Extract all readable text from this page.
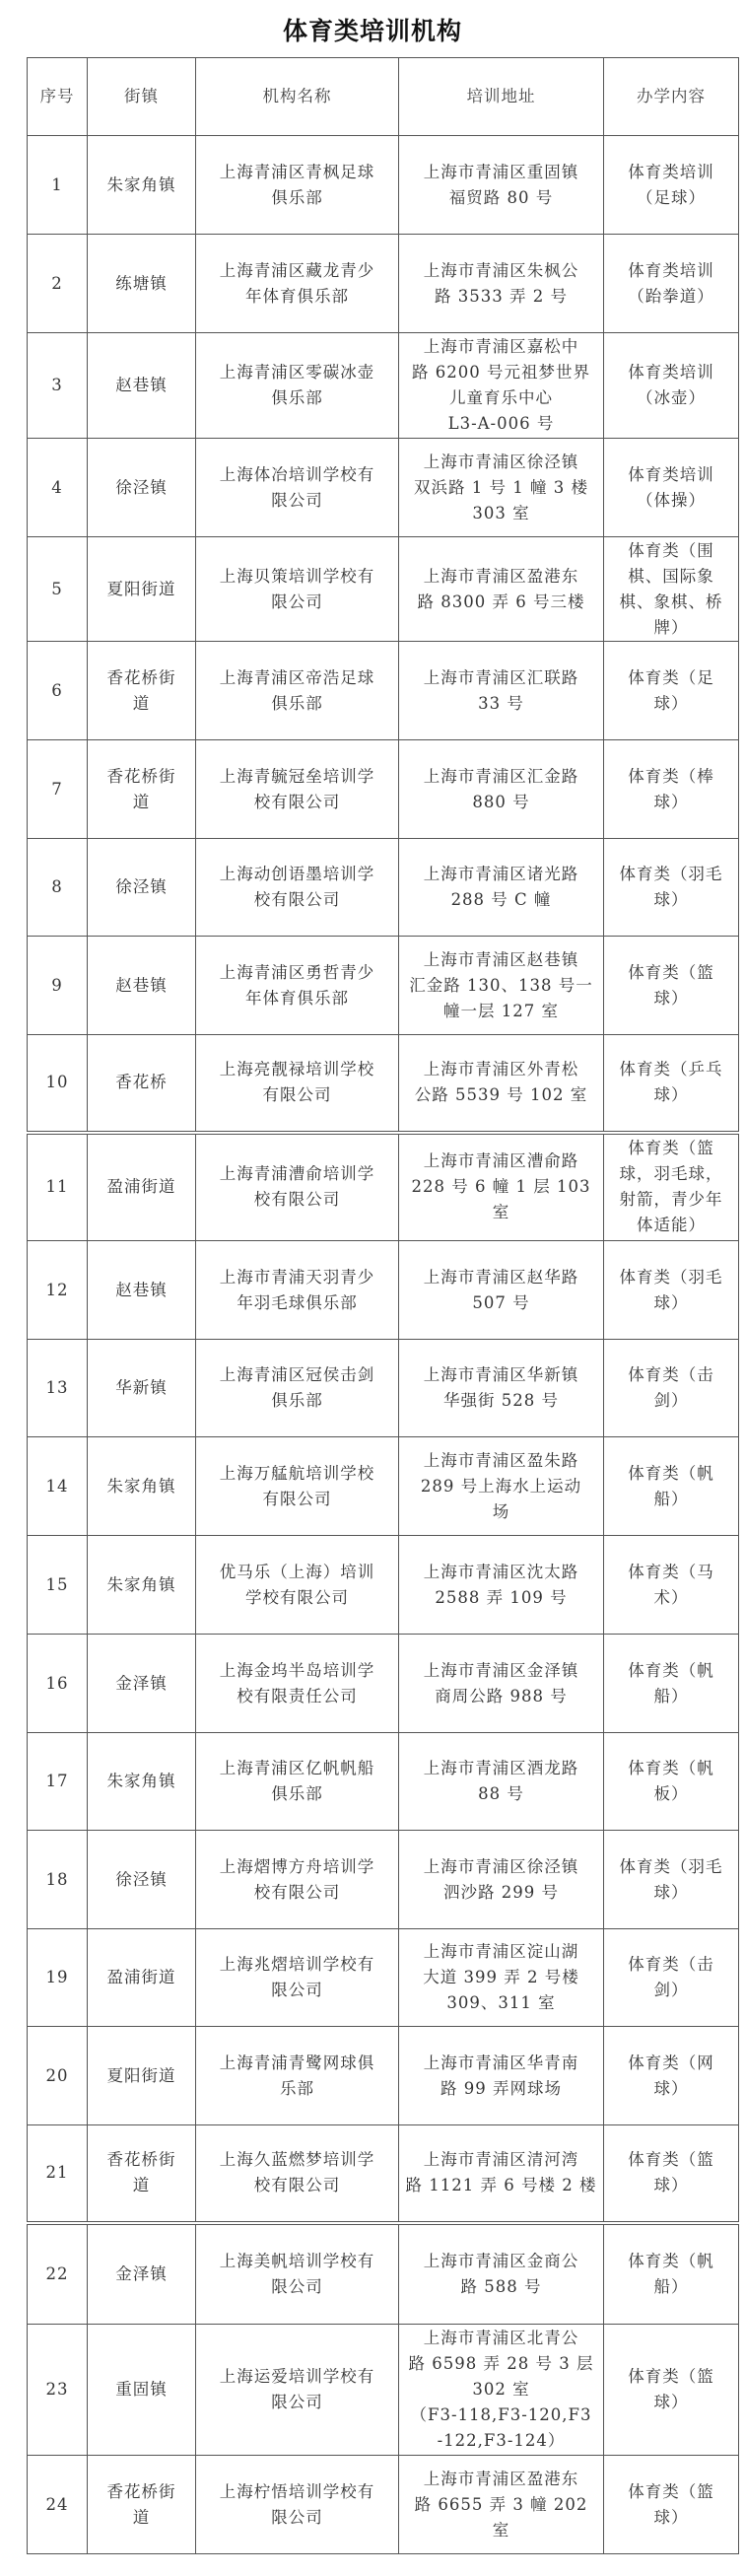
体育类培训机构
序号	街镇	机构名称	培训地址	办学内容
1	朱家角镇	上海青浦区青枫足球
俱乐部	上海市青浦区重固镇
福贸路 80 号	体育类培训
（足球）
2	练塘镇	上海青浦区藏龙青少
年体育俱乐部	上海市青浦区朱枫公
路 3533 弄 2 号	体育类培训
（跆拳道）
3	赵巷镇	上海青浦区零碳冰壶
俱乐部	上海市青浦区嘉松中
路 6200 号元祖梦世界
儿童育乐中心
L3-A-006 号	体育类培训
（冰壶）
4	徐泾镇	上海体冶培训学校有
限公司	上海市青浦区徐泾镇
双浜路 1 号 1 幢 3 楼
303 室	体育类培训
（体操）
5	夏阳街道	上海贝策培训学校有
限公司	上海市青浦区盈港东
路 8300 弄 6 号三楼	体育类（围
棋、国际象
棋、象棋、桥
牌）
6	香花桥街
道	上海青浦区帝浩足球
俱乐部	上海市青浦区汇联路
33 号	体育类（足
球）
7	香花桥街
道	上海青毓冠垒培训学
校有限公司	上海市青浦区汇金路
880 号	体育类（棒
球）
8	徐泾镇	上海动创语墨培训学
校有限公司	上海市青浦区诸光路
288 号 C 幢	体育类（羽毛
球）
9	赵巷镇	上海青浦区勇哲青少
年体育俱乐部	上海市青浦区赵巷镇
汇金路 130、138 号一
幢一层 127 室	体育类（篮
球）
10	香花桥	上海亮靓禄培训学校
有限公司	上海市青浦区外青松
公路 5539 号 102 室	体育类（乒乓
球）
11	盈浦街道	上海青浦漕俞培训学
校有限公司	上海市青浦区漕俞路
228 号 6 幢 1 层 103
室	体育类（篮
球，羽毛球，
射箭，青少年
体适能）
12	赵巷镇	上海市青浦天羽青少
年羽毛球俱乐部	上海市青浦区赵华路
507 号	体育类（羽毛
球）
13	华新镇	上海青浦区冠侯击剑
俱乐部	上海市青浦区华新镇
华强街 528 号	体育类（击
剑）
14	朱家角镇	上海万艋航培训学校
有限公司	上海市青浦区盈朱路
289 号上海水上运动
场	体育类（帆
船）
15	朱家角镇	优马乐（上海）培训
学校有限公司	上海市青浦区沈太路
2588 弄 109 号	体育类（马
术）
16	金泽镇	上海金坞半岛培训学
校有限责任公司	上海市青浦区金泽镇
商周公路 988 号	体育类（帆
船）
17	朱家角镇	上海青浦区亿帆帆船
俱乐部	上海市青浦区酒龙路
88 号	体育类（帆
板）
18	徐泾镇	上海熠博方舟培训学
校有限公司	上海市青浦区徐泾镇
泗沙路 299 号	体育类（羽毛
球）
19	盈浦街道	上海兆熠培训学校有
限公司	上海市青浦区淀山湖
大道 399 弄 2 号楼
309、311 室	体育类（击
剑）
20	夏阳街道	上海青浦青鹭网球俱
乐部	上海市青浦区华青南
路 99 弄网球场	体育类（网
球）
21	香花桥街
道	上海久蓝燃梦培训学
校有限公司	上海市青浦区清河湾
路 1121 弄 6 号楼 2 楼	体育类（篮
球）
22	金泽镇	上海美帆培训学校有
限公司	上海市青浦区金商公
路 588 号	体育类（帆
船）
23	重固镇	上海运爱培训学校有
限公司	上海市青浦区北青公
路 6598 弄 28 号 3 层
302 室
（F3-118,F3-120,F3
-122,F3-124）	体育类（篮
球）
24	香花桥街
道	上海柠悟培训学校有
限公司	上海市青浦区盈港东
路 6655 弄 3 幢 202 室	体育类（篮
球）
